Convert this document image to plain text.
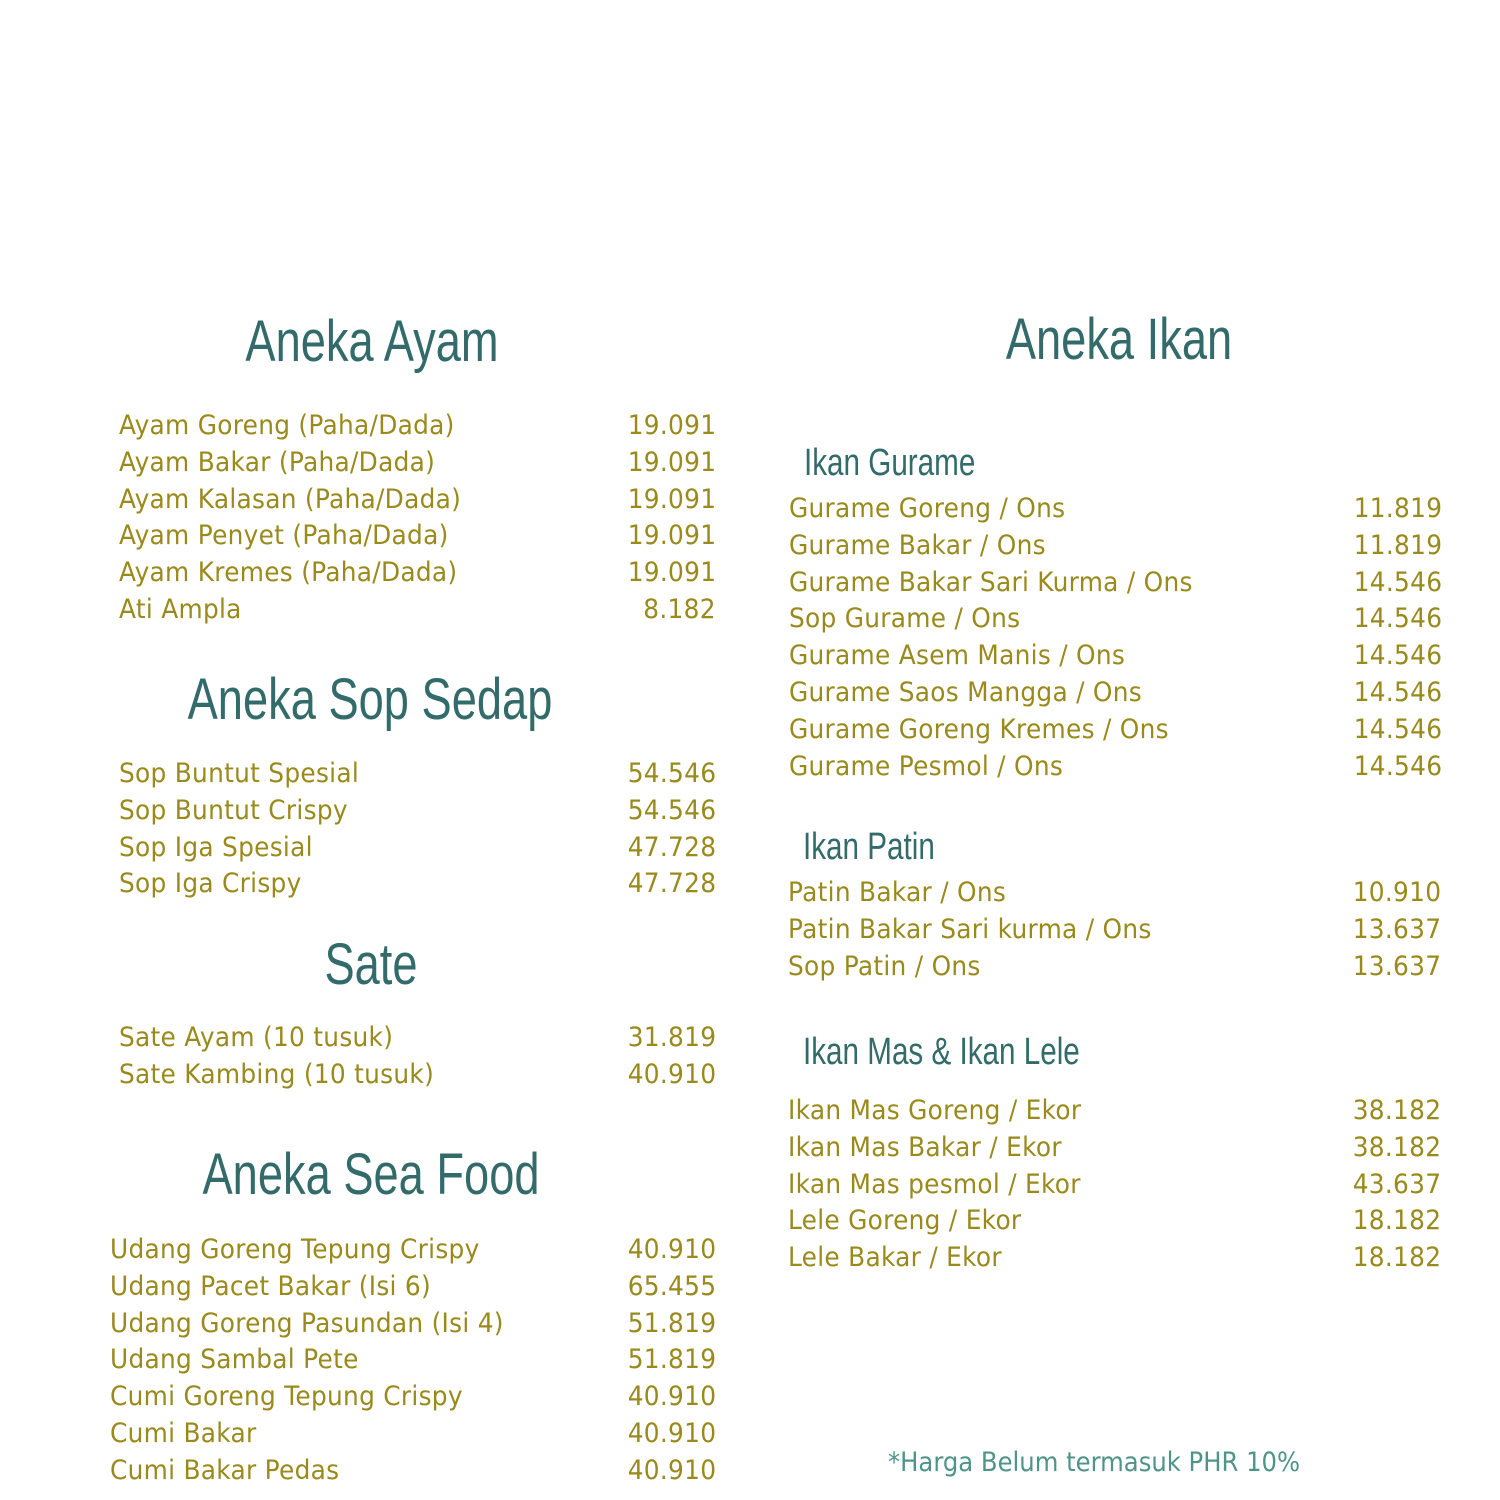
*Harga Belum termasuk PHR 10%
Aneka Ayam
Ayam Goreng (Paha/Dada)	19.091
Ayam Bakar (Paha/Dada)	19.091
Ayam Kalasan (Paha/Dada)	19.091
Ayam Penyet (Paha/Dada)	19.091
Ayam Kremes (Paha/Dada)	19.091
Ati Ampla	8.182
Aneka Sop Sedap
Sop Buntut Spesial	54.546
Sop Buntut Crispy	54.546
Sop Iga Spesial	47.728
Sop Iga Crispy	47.728
Sate
Sate Ayam (10 tusuk)	31.819
Sate Kambing (10 tusuk)	40.910
Aneka Sea Food
Udang Goreng Tepung Crispy	40.910
Udang Pacet Bakar (Isi 6)	65.455
Udang Goreng Pasundan (Isi 4)	51.819
Udang Sambal Pete	51.819
Cumi Goreng Tepung Crispy	40.910
Cumi Bakar	40.910
Cumi Bakar Pedas	40.910
Aneka Ikan
Ikan Gurame
Gurame Goreng / Ons	11.819
Gurame Bakar / Ons	11.819
Gurame Bakar Sari Kurma / Ons	14.546
Sop Gurame / Ons	14.546
Gurame Asem Manis / Ons	14.546
Gurame Saos Mangga / Ons	14.546
Gurame Goreng Kremes / Ons	14.546
Gurame Pesmol / Ons	14.546
Ikan Patin
Patin Bakar / Ons	10.910
Patin Bakar Sari kurma / Ons	13.637
Sop Patin / Ons	13.637
Ikan Mas & Ikan Lele
Ikan Mas Goreng / Ekor	38.182
Ikan Mas Bakar / Ekor	38.182
Ikan Mas pesmol / Ekor	43.637
Lele Goreng / Ekor	18.182
Lele Bakar / Ekor	18.182
